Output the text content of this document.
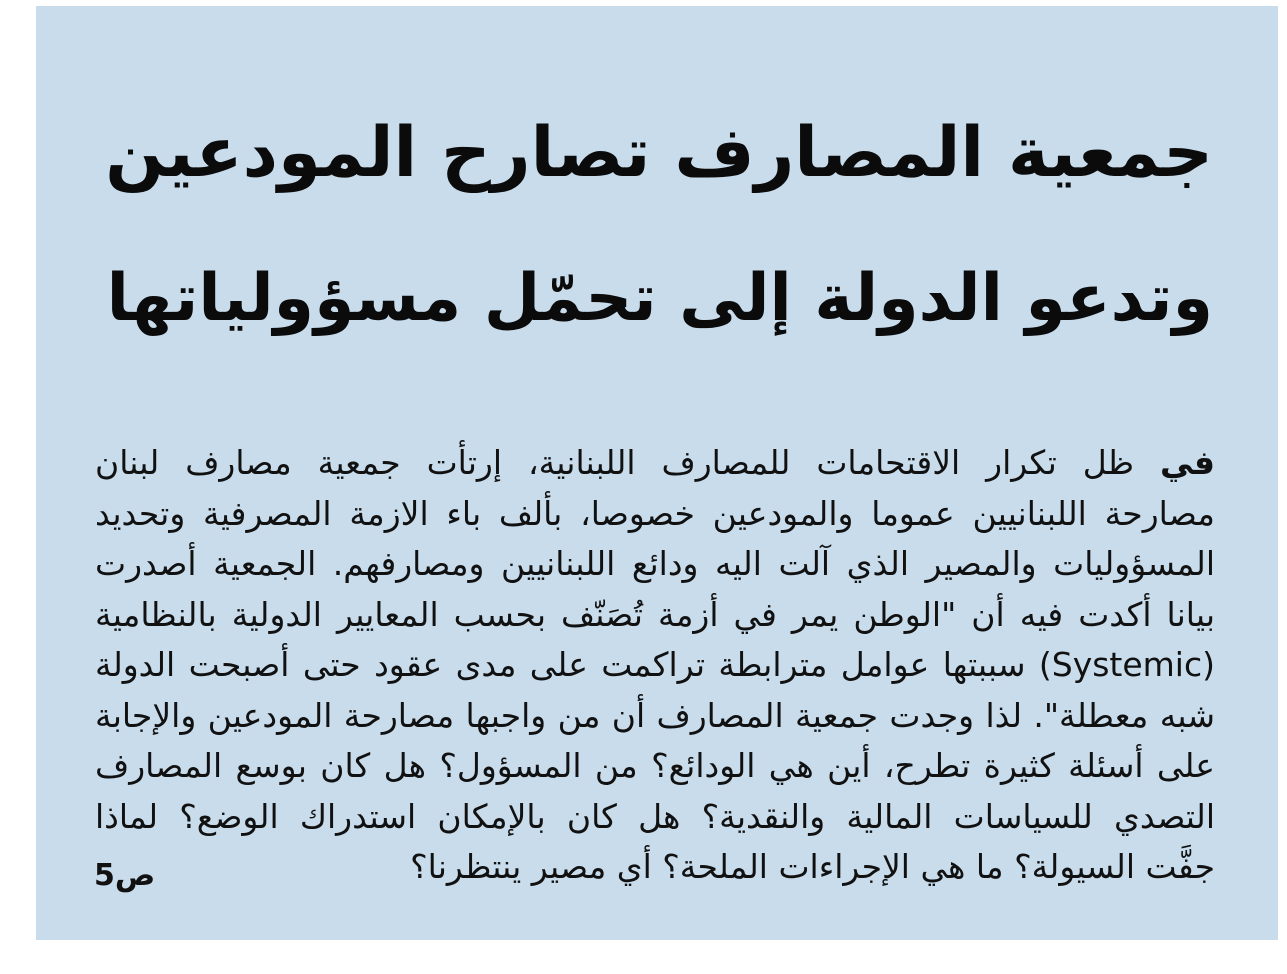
جمعية المصارف تصارح المودعين
وتدعو الدولة إلى تحمّل مسؤولياتها
في ظل تكرار الاقتحامات للمصارف اللبنانية، إرتأت جمعية مصارف لبنان
مصارحة اللبنانيين عموما والمودعين خصوصا، بألف باء الازمة المصرفية وتحديد
المسؤوليات والمصير الذي آلت اليه ودائع اللبنانيين ومصارفهم. الجمعية أصدرت
بيانا أكدت فيه أن "الوطن يمر في أزمة تُصَنّف بحسب المعايير الدولية بالنظامية
(Systemic) سببتها عوامل مترابطة تراكمت على مدى عقود حتى أصبحت الدولة
شبه معطلة". لذا وجدت جمعية المصارف أن من واجبها مصارحة المودعين والإجابة
على أسئلة كثيرة تطرح، أين هي الودائع؟ من المسؤول؟ هل كان بوسع المصارف
التصدي للسياسات المالية والنقدية؟ هل كان بالإمكان استدراك الوضع؟ لماذا
جفَّت السيولة؟ ما هي الإجراءات الملحة؟ أي مصير ينتظرنا؟
ص5
